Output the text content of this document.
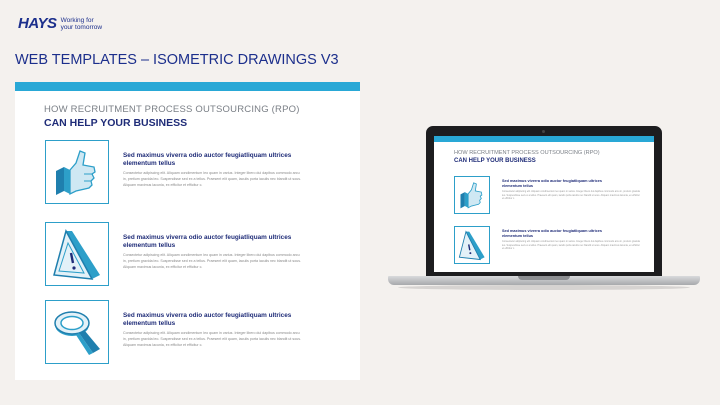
HAYS Working for
your tomorrow
WEB TEMPLATES – ISOMETRIC DRAWINGS V3
HOW RECRUITMENT PROCESS OUTSOURCING (RPO)
CAN HELP YOUR BUSINESS
Sed maximus viverra odio auctor feugiatliquam ultrices elementum tellus
Consectetur adipiscing elit. Aliquam condimentum leo quam in varius. Integer libero dui dapibus commodo arcu in, pretium gravida leo. Suspendisse sed ex a tellus. Praesent elit quam, iaculis porta iaculis nec blandit ut sous. Aliquam maximus lacunia, ex efficitur et efficitur c.
Sed maximus viverra odio auctor feugiatliquam ultrices elementum tellus
Consectetur adipiscing elit. Aliquam condimentum leo quam in varius. Integer libero dui dapibus commodo arcu in, pretium gravida leo. Suspendisse sed ex a tellus. Praesent elit quam, iaculis porta iaculis nec blandit ut sous. Aliquam maximus lacunia, ex efficitur et efficitur c.
Sed maximus viverra odio auctor feugiatliquam ultrices elementum tellus
Consectetur adipiscing elit. Aliquam condimentum leo quam in varius. Integer libero dui dapibus commodo arcu in, pretium gravida leo. Suspendisse sed ex a tellus. Praesent elit quam, iaculis porta iaculis nec blandit ut sous. Aliquam maximus lacunia, ex efficitur et efficitur c.
HOW RECRUITMENT PROCESS OUTSOURCING (RPO)
CAN HELP YOUR BUSINESS
Sed maximus viverra odio auctor feugiatliquam ultrices elementum tellus
Consectetur adipiscing elit. Aliquam condimentum leo quam in varius. Integer libero dui dapibus commodo arcu in, pretium gravida leo. Suspendisse sed ex a tellus. Praesent elit quam, iaculis porta iaculis nec blandit ut sous. Aliquam maximus lacunia, ex efficitur et efficitur c.
Sed maximus viverra odio auctor feugiatliquam ultrices elementum tellus
Consectetur adipiscing elit. Aliquam condimentum leo quam in varius. Integer libero dui dapibus commodo arcu in, pretium gravida leo. Suspendisse sed ex a tellus. Praesent elit quam, iaculis porta iaculis nec blandit ut sous. Aliquam maximus lacunia, ex efficitur et efficitur c.
